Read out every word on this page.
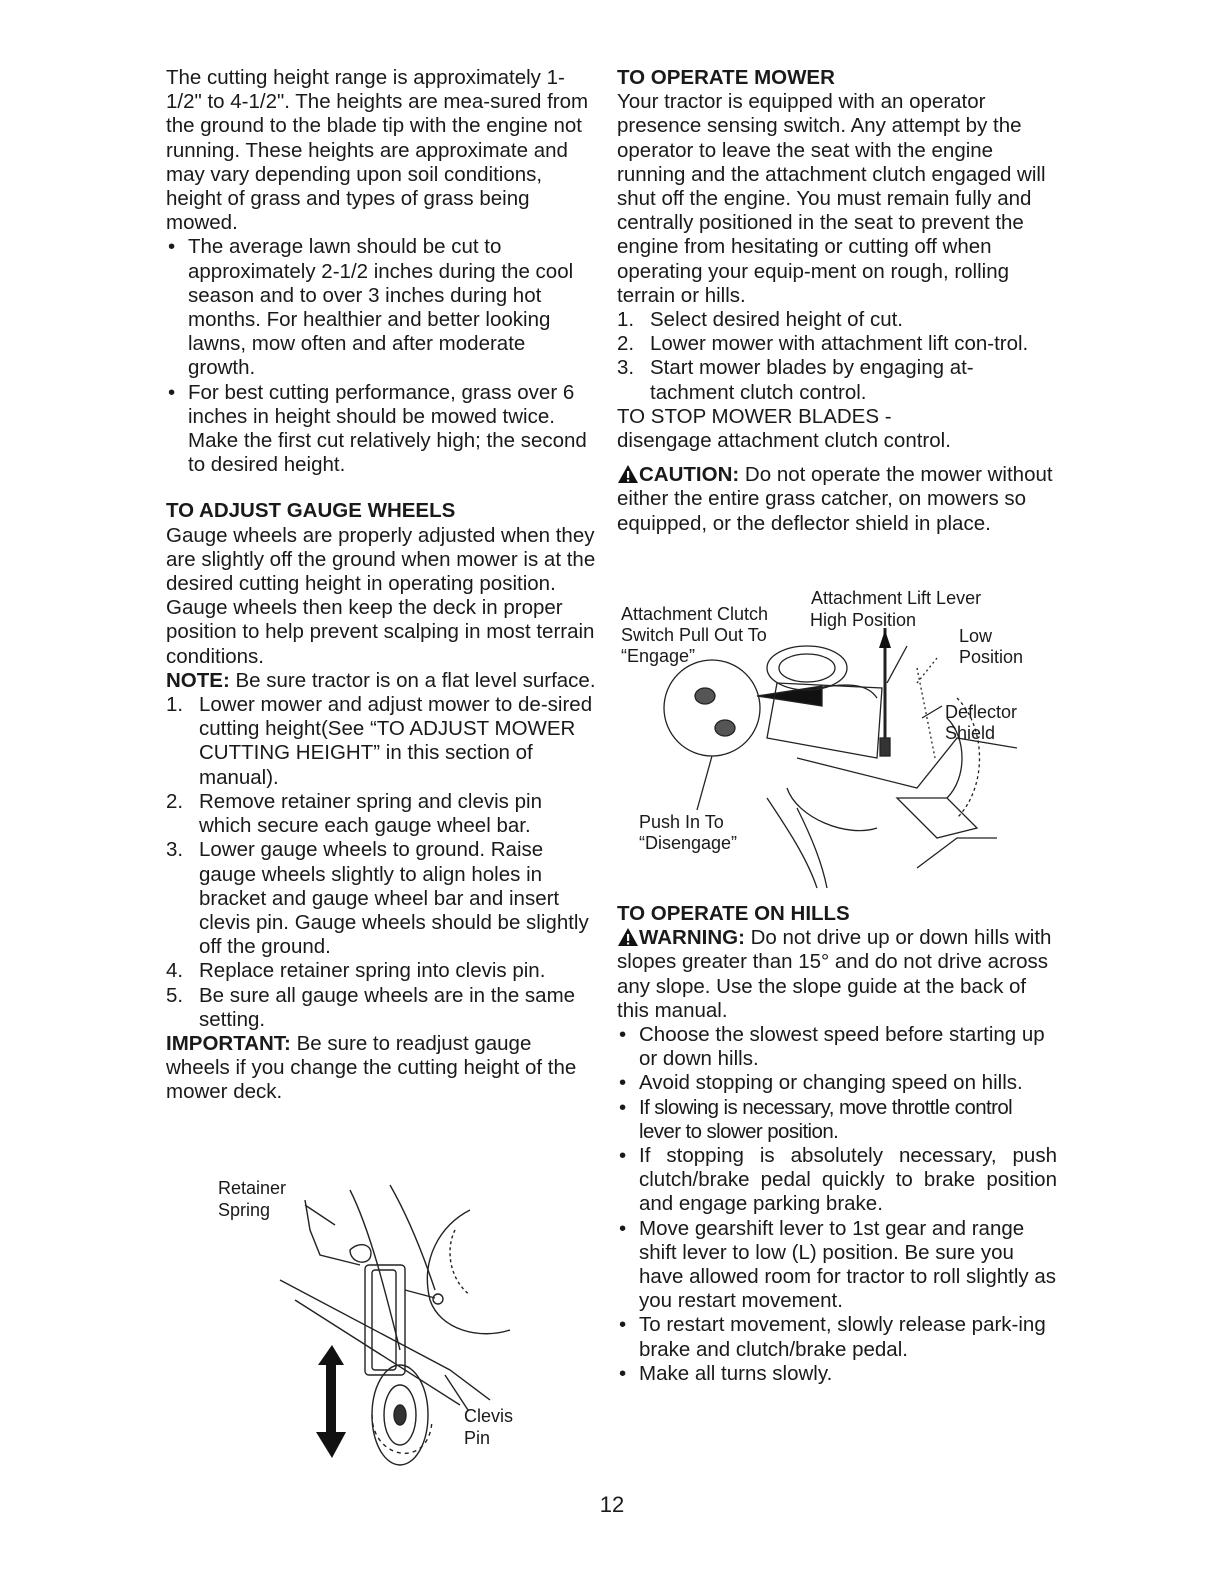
The cutting height range is approximately 1-1/2" to 4-1/2". The heights are mea-sured from the ground to the blade tip with the engine not running. These heights are approximate and may vary depending upon soil conditions, height of grass and types of grass being mowed.

• The average lawn should be cut to approximately 2-1/2 inches during the cool season and to over 3 inches during hot months. For healthier and better looking lawns, mow often and after moderate growth.
• For best cutting performance, grass over 6 inches in height should be mowed twice. Make the first cut relatively high; the second to desired height.
TO ADJUST GAUGE WHEELS

Gauge wheels are properly adjusted when they are slightly off the ground when mower is at the desired cutting height in operating position. Gauge wheels then keep the deck in proper position to help prevent scalping in most terrain conditions.

NOTE: Be sure tractor is on a flat level surface.

1. Lower mower and adjust mower to de-sired cutting height(See “TO ADJUST MOWER CUTTING HEIGHT” in this section of manual).
2. Remove retainer spring and clevis pin which secure each gauge wheel bar.
3. Lower gauge wheels to ground. Raise gauge wheels slightly to align holes in bracket and gauge wheel bar and insert clevis pin. Gauge wheels should be slightly off the ground.
4. Replace retainer spring into clevis pin.
5. Be sure all gauge wheels are in the same setting.

IMPORTANT: Be sure to readjust gauge wheels if you change the cutting height of the mower deck.

Retainer
Spring
Clevis
Pin
TO OPERATE MOWER

Your tractor is equipped with an operator presence sensing switch. Any attempt by the operator to leave the seat with the engine running and the attachment clutch engaged will shut off the engine. You must remain fully and centrally positioned in the seat to prevent the engine from hesitating or cutting off when operating your equip-ment on rough, rolling terrain or hills.

1. Select desired height of cut.
2. Lower mower with attachment lift con-trol.
3. Start mower blades by engaging at-tachment clutch control.

TO STOP MOWER BLADES -

disengage attachment clutch control.

CAUTION: Do not operate the mower without either the entire grass catcher, on mowers so equipped, or the deflector shield in place.

Attachment Lift Lever
High Position
Attachment Clutch
Switch Pull Out To
“Engage”
Low
Position
Deflector
Shield
Push In To
“Disengage”
TO OPERATE ON HILLS

WARNING: Do not drive up or down hills with slopes greater than 15° and do not drive across any slope. Use the slope guide at the back of this manual.

• Choose the slowest speed before starting up or down hills.
• Avoid stopping or changing speed on hills.
• If slowing is necessary, move throttle control lever to slower position.
• If stopping is absolutely necessary, push clutch/brake pedal quickly to brake position and engage parking brake.
• Move gearshift lever to 1st gear and range shift lever to low (L) position. Be sure you have allowed room for tractor to roll slightly as you restart movement.
• To restart movement, slowly release park-ing brake and clutch/brake pedal.
• Make all turns slowly.
12
